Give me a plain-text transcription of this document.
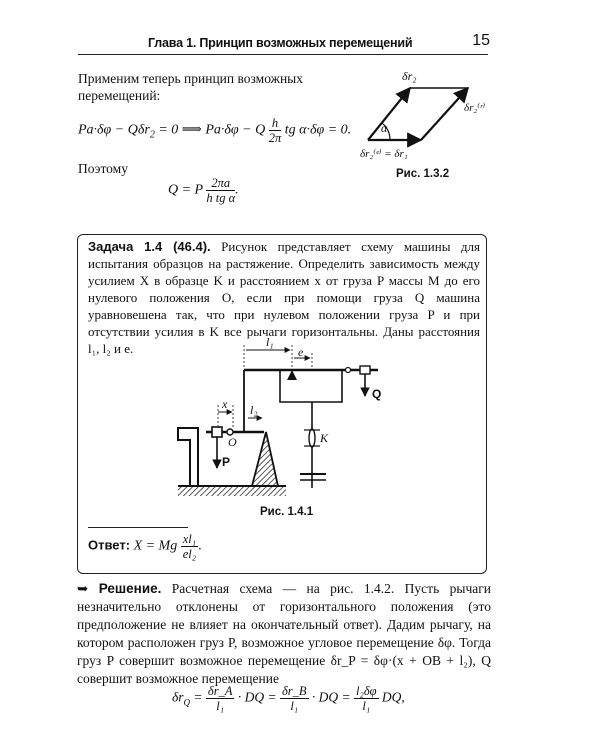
Глава 1. Принцип возможных перемещений	15
Применим теперь принцип возможных перемещений:
Pa·δφ − Qδr$_2$ = 0 ⟹ Pa·δφ − Q $\frac{h}{2\pi}$ tg α·δφ = 0.
Поэтому
Q = P $\frac{2\pi a}{\text{h tg α}}$ .
δr₂
δr₂⁽ʳ⁾
δr₂⁽ᵉ⁾ = δr₁
α
Рис. 1.3.2
Задача 1.4 (46.4). Рисунок представляет схему машины для испытания образцов на растяжение. Определить зависимость между усилием X в образце K и расстоянием x от груза P массы M до его нулевого положения O, если при помощи груза Q машина уравновешена так, что при нулевом положении груза P и при отсутствии усилия в K все рычаги горизонтальны. Даны расстояния l₁, l₂ и e.	l₁
e
x l₂
O
P
Q
K
Рис. 1.4.1
Ответ: X = Mg $\frac{\text{xl₁}}{\text{el₂}}$ .
➥ Решение. Расчетная схема — на рис. 1.4.2. Пусть рычаги незначительно отклонены от горизонтального положения (это предположение не влияет на окончательный ответ). Дадим рычагу, на котором расположен груз P, возможное угловое перемещение δφ. Тогда груз P совершит возможное перемещение δr_P = δφ·(x + OB + l₂), Q совершит возможное перемещение
$\delta r_Q = \frac{\delta r\_A}{\text{l₁}}$ · DQ = $\frac{\delta r\_B}{\text{l₁}}$ · DQ = $\frac{\text{l₂δφ}}{\text{l₁}}$ DQ,
